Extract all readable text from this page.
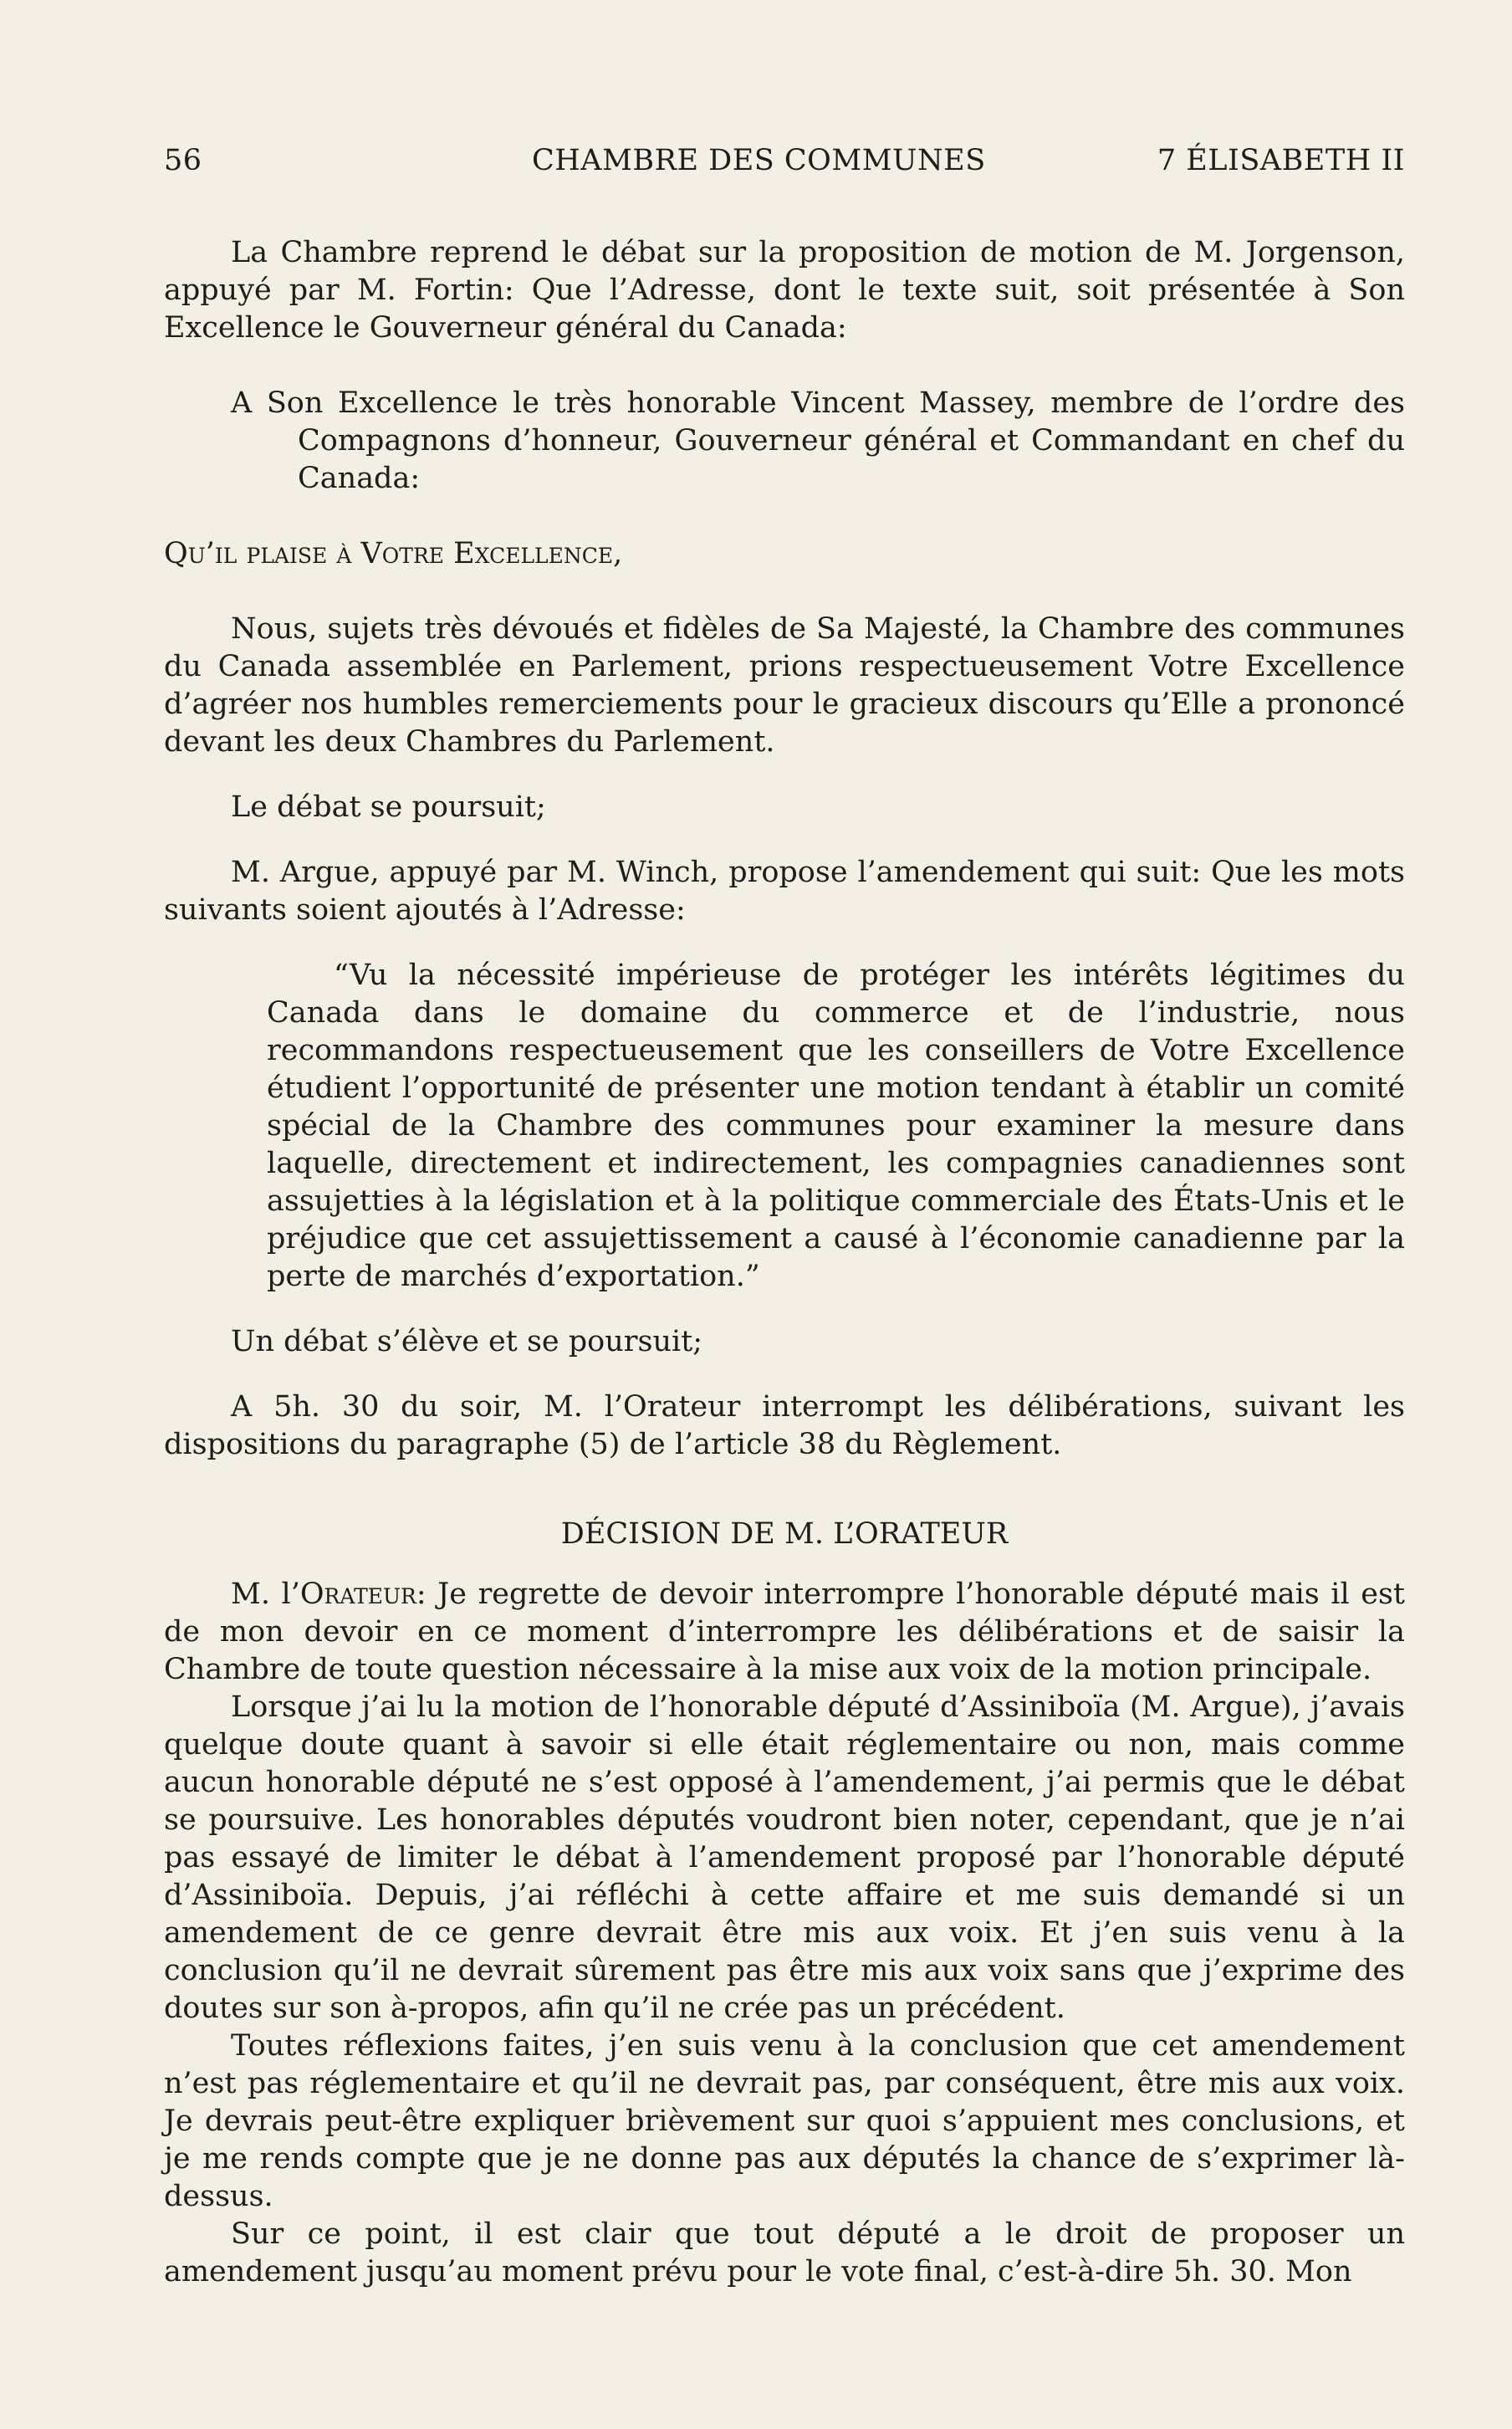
56	CHAMBRE DES COMMUNES	7 ÉLISABETH II

La Chambre reprend le débat sur la proposition de motion de M. Jorgenson, appuyé par M. Fortin: Que l’Adresse, dont le texte suit, soit présentée à Son Excellence le Gouverneur général du Canada:

A Son Excellence le très honorable Vincent Massey, membre de l’ordre des Compagnons d’honneur, Gouverneur général et Commandant en chef du Canada:

Qu’il plaise à Votre Excellence,

Nous, sujets très dévoués et fidèles de Sa Majesté, la Chambre des communes du Canada assemblée en Parlement, prions respectueusement Votre Excellence d’agréer nos humbles remerciements pour le gracieux discours qu’Elle a prononcé devant les deux Chambres du Parlement.

Le débat se poursuit;

M. Argue, appuyé par M. Winch, propose l’amendement qui suit: Que les mots suivants soient ajoutés à l’Adresse:

“Vu la nécessité impérieuse de protéger les intérêts légitimes du Canada dans le domaine du commerce et de l’industrie, nous recommandons respectueusement que les conseillers de Votre Excellence étudient l’opportunité de présenter une motion tendant à établir un comité spécial de la Chambre des communes pour examiner la mesure dans laquelle, directement et indirectement, les compagnies canadiennes sont assujetties à la législation et à la politique commerciale des États-Unis et le préjudice que cet assujettissement a causé à l’économie canadienne par la perte de marchés d’exportation.”

Un débat s’élève et se poursuit;

A 5h. 30 du soir, M. l’Orateur interrompt les délibérations, suivant les dispositions du paragraphe (5) de l’article 38 du Règlement.

DÉCISION DE M. L’ORATEUR

M. l’Orateur: Je regrette de devoir interrompre l’honorable député mais il est de mon devoir en ce moment d’interrompre les délibérations et de saisir la Chambre de toute question nécessaire à la mise aux voix de la motion principale.

Lorsque j’ai lu la motion de l’honorable député d’Assiniboïa (M. Argue), j’avais quelque doute quant à savoir si elle était réglementaire ou non, mais comme aucun honorable député ne s’est opposé à l’amendement, j’ai permis que le débat se poursuive. Les honorables députés voudront bien noter, cependant, que je n’ai pas essayé de limiter le débat à l’amendement proposé par l’honorable député d’Assiniboïa. Depuis, j’ai réfléchi à cette affaire et me suis demandé si un amendement de ce genre devrait être mis aux voix. Et j’en suis venu à la conclusion qu’il ne devrait sûrement pas être mis aux voix sans que j’exprime des doutes sur son à-propos, afin qu’il ne crée pas un précédent.

Toutes réflexions faites, j’en suis venu à la conclusion que cet amendement n’est pas réglementaire et qu’il ne devrait pas, par conséquent, être mis aux voix. Je devrais peut-être expliquer brièvement sur quoi s’appuient mes conclusions, et je me rends compte que je ne donne pas aux députés la chance de s’exprimer là-dessus.

Sur ce point, il est clair que tout député a le droit de proposer un amendement jusqu’au moment prévu pour le vote final, c’est-à-dire 5h. 30. Mon
